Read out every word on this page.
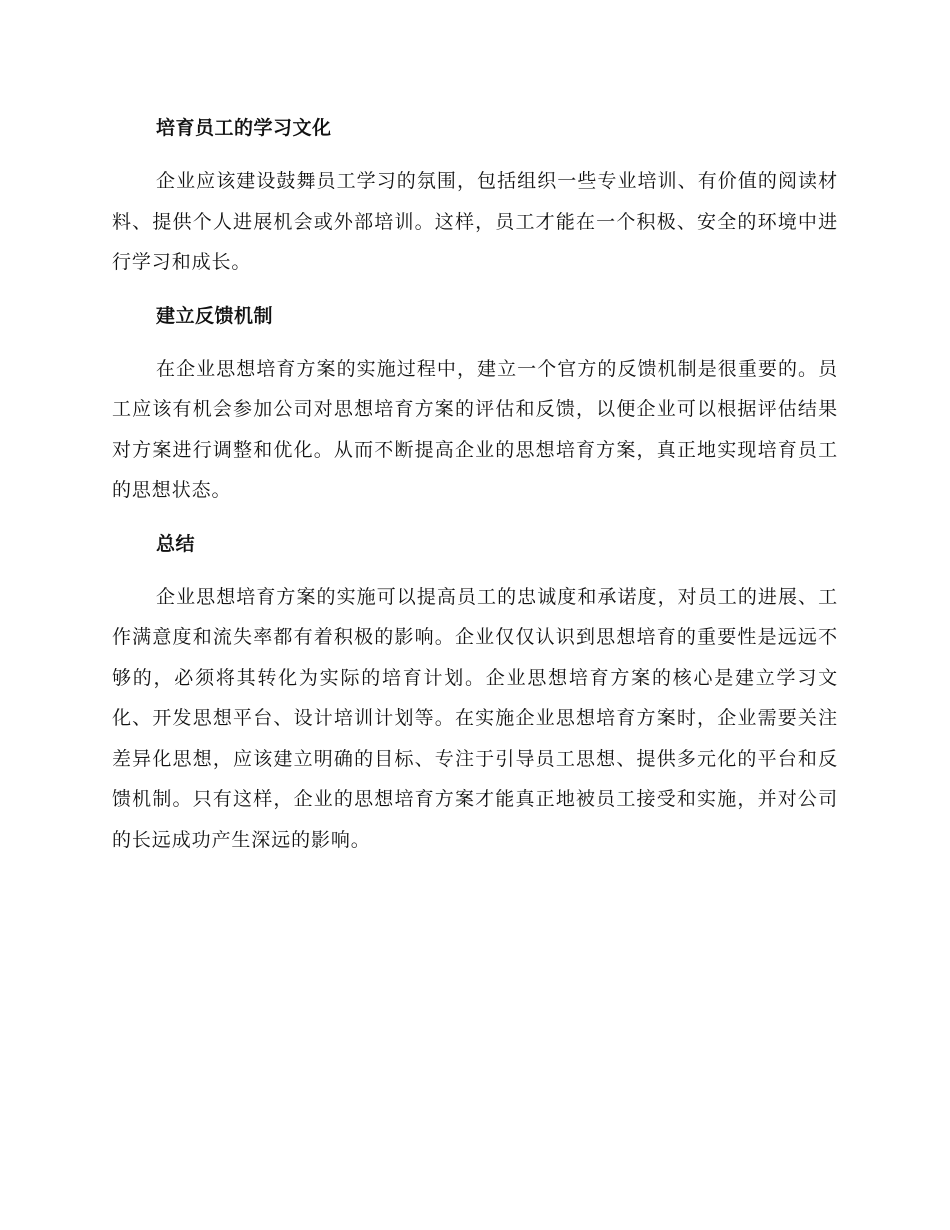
培育员工的学习文化

企业应该建设鼓舞员工学习的氛围，包括组织一些专业培训、有价值的阅读材料、提供个人进展机会或外部培训。这样，员工才能在一个积极、安全的环境中进行学习和成长。

建立反馈机制

在企业思想培育方案的实施过程中，建立一个官方的反馈机制是很重要的。员工应该有机会参加公司对思想培育方案的评估和反馈，以便企业可以根据评估结果对方案进行调整和优化。从而不断提高企业的思想培育方案，真正地实现培育员工的思想状态。

总结

企业思想培育方案的实施可以提高员工的忠诚度和承诺度，对员工的进展、工作满意度和流失率都有着积极的影响。企业仅仅认识到思想培育的重要性是远远不够的，必须将其转化为实际的培育计划。企业思想培育方案的核心是建立学习文化、开发思想平台、设计培训计划等。在实施企业思想培育方案时，企业需要关注差异化思想，应该建立明确的目标、专注于引导员工思想、提供多元化的平台和反馈机制。只有这样，企业的思想培育方案才能真正地被员工接受和实施，并对公司的长远成功产生深远的影响。
